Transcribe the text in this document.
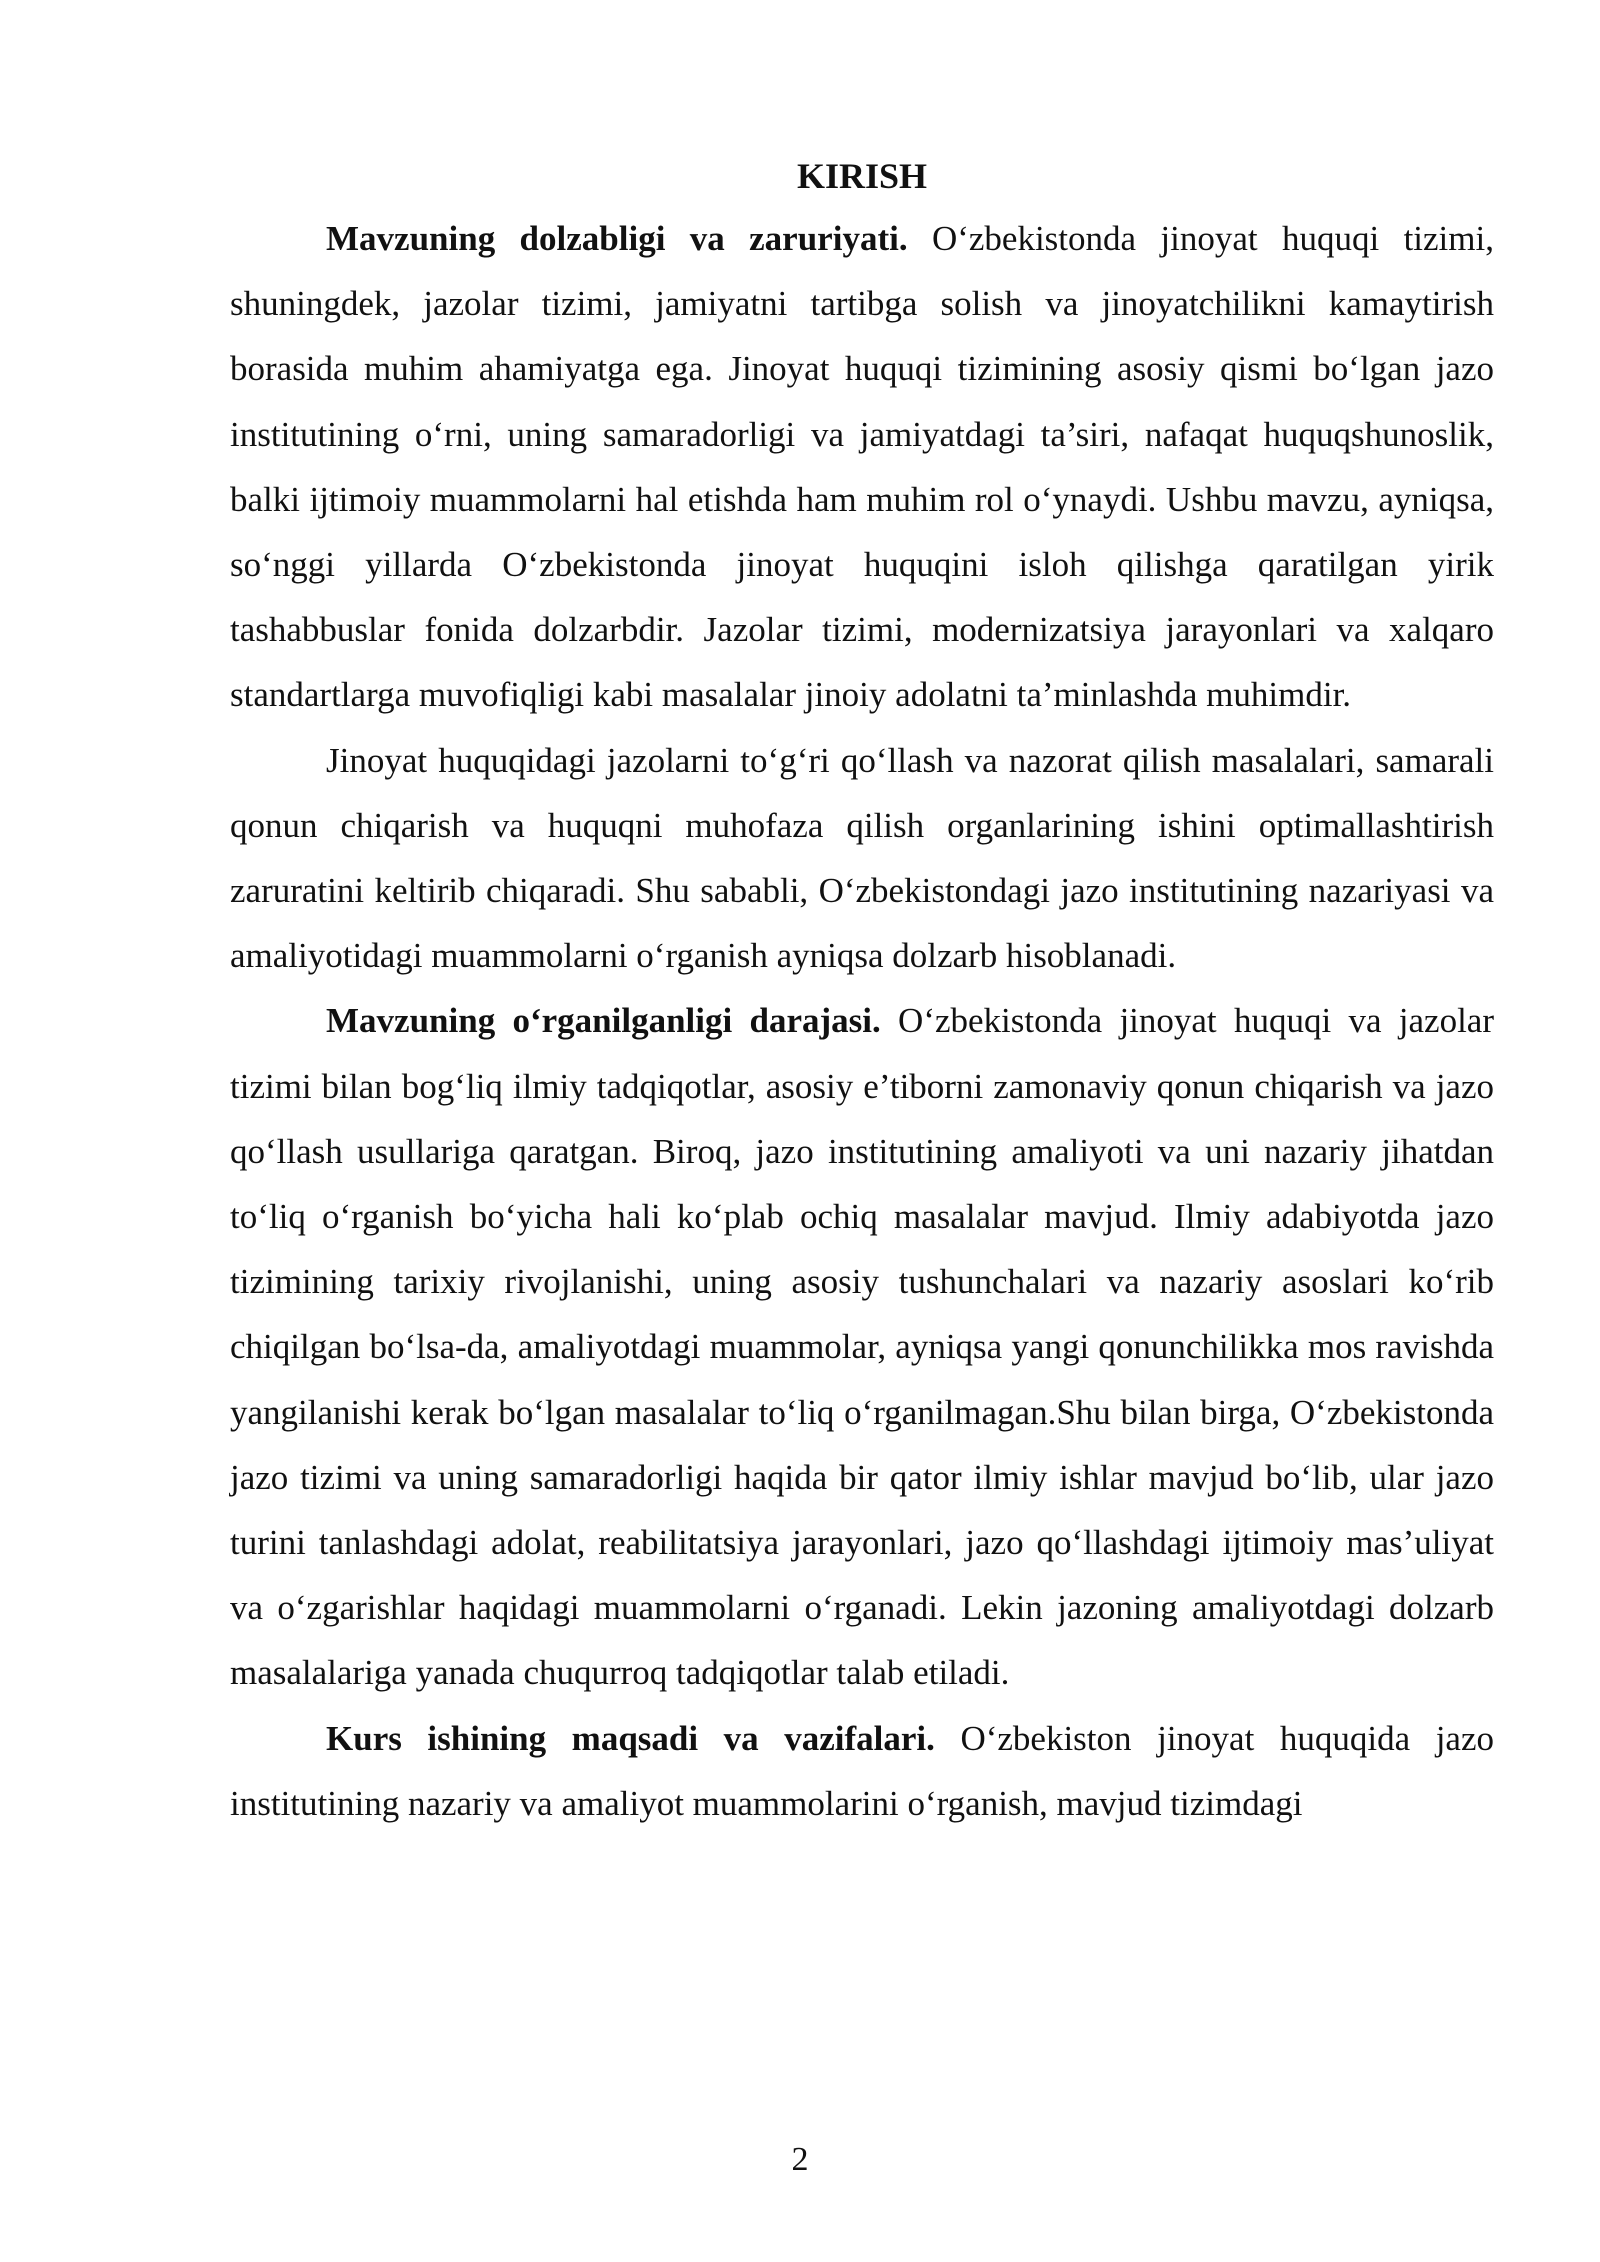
KIRISH

Mavzuning dolzabligi va zaruriyati. O‘zbekistonda jinoyat huquqi tizimi, shuningdek, jazolar tizimi, jamiyatni tartibga solish va jinoyatchilikni kamaytirish borasida muhim ahamiyatga ega. Jinoyat huquqi tizimining asosiy qismi bo‘lgan jazo institutining o‘rni, uning samaradorligi va jamiyatdagi ta’siri, nafaqat huquqshunoslik, balki ijtimoiy muammolarni hal etishda ham muhim rol o‘ynaydi. Ushbu mavzu, ayniqsa, so‘nggi yillarda O‘zbekistonda jinoyat huquqini isloh qilishga qaratilgan yirik tashabbuslar fonida dolzarbdir. Jazolar tizimi, modernizatsiya jarayonlari va xalqaro standartlarga muvofiqligi kabi masalalar jinoiy adolatni ta’minlashda muhimdir.

Jinoyat huquqidagi jazolarni to‘g‘ri qo‘llash va nazorat qilish masalalari, samarali qonun chiqarish va huquqni muhofaza qilish organlarining ishini optimallashtirish zaruratini keltirib chiqaradi. Shu sababli, O‘zbekistondagi jazo institutining nazariyasi va amaliyotidagi muammolarni o‘rganish ayniqsa dolzarb hisoblanadi.

Mavzuning o‘rganilganligi darajasi. O‘zbekistonda jinoyat huquqi va jazolar tizimi bilan bog‘liq ilmiy tadqiqotlar, asosiy e’tiborni zamonaviy qonun chiqarish va jazo qo‘llash usullariga qaratgan. Biroq, jazo institutining amaliyoti va uni nazariy jihatdan to‘liq o‘rganish bo‘yicha hali ko‘plab ochiq masalalar mavjud. Ilmiy adabiyotda jazo tizimining tarixiy rivojlanishi, uning asosiy tushunchalari va nazariy asoslari ko‘rib chiqilgan bo‘lsa-da, amaliyotdagi muammolar, ayniqsa yangi qonunchilikka mos ravishda yangilanishi kerak bo‘lgan masalalar to‘liq o‘rganilmagan.Shu bilan birga, O‘zbekistonda jazo tizimi va uning samaradorligi haqida bir qator ilmiy ishlar mavjud bo‘lib, ular jazo turini tanlashdagi adolat, reabilitatsiya jarayonlari, jazo qo‘llashdagi ijtimoiy mas’uliyat va o‘zgarishlar haqidagi muammolarni o‘rganadi. Lekin jazoning amaliyotdagi dolzarb masalalariga yanada chuqurroq tadqiqotlar talab etiladi.

Kurs ishining maqsadi va vazifalari. O‘zbekiston jinoyat huquqida jazo institutining nazariy va amaliyot muammolarini o‘rganish, mavjud tizimdagi

2
